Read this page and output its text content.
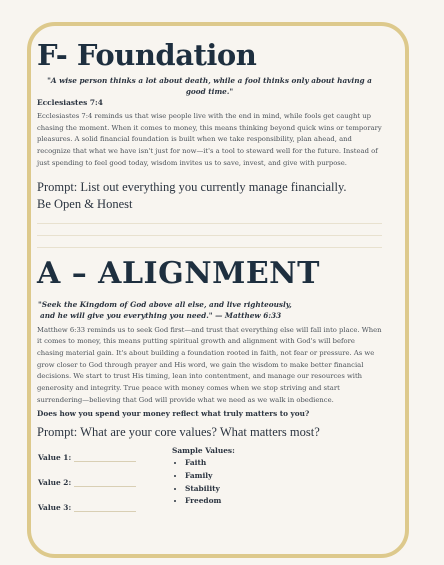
F- Foundation
"A wise person thinks a lot about death, while a fool thinks only about having a good time."
Ecclesiastes 7:4
Ecclesiastes 7:4 reminds us that wise people live with the end in mind, while fools get caught up chasing the moment. When it comes to money, this means thinking beyond quick wins or temporary pleasures. A solid financial foundation is built when we take responsibility, plan ahead, and recognize that what we have isn't just for now—it's a tool to steward well for the future. Instead of just spending to feel good today, wisdom invites us to save, invest, and give with purpose.
Prompt: List out everything you currently manage financially.
Be Open & Honest
A – ALIGNMENT
"Seek the Kingdom of God above all else, and live righteously,
and he will give you everything you need." — Matthew 6:33
Matthew 6:33 reminds us to seek God first—and trust that everything else will fall into place. When it comes to money, this means putting spiritual growth and alignment with God's will before chasing material gain. It's about building a foundation rooted in faith, not fear or pressure. As we grow closer to God through prayer and His word, we gain the wisdom to make better financial decisions. We start to trust His timing, lean into contentment, and manage our resources with generosity and integrity. True peace with money comes when we stop striving and start surrendering—believing that God will provide what we need as we walk in obedience.
Does how you spend your money reflect what truly matters to you?
Prompt: What are your core values? What matters most?
Value 1:
Value 2:
Value 3:
Sample Values:
• Faith
• Family
• Stability
• Freedom
